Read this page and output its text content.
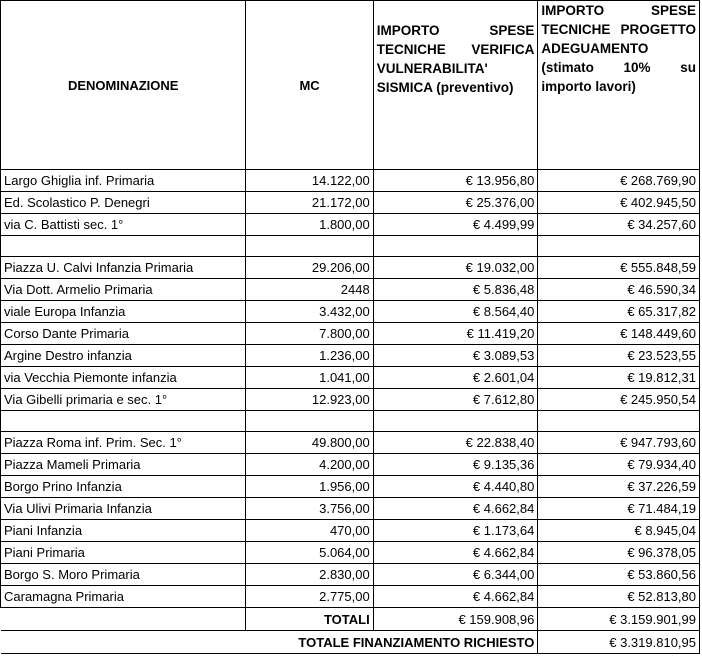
DENOMINAZIONE	MC	IMPORTO SPESE TECNICHE VERIFICA VULNERABILITA' SISMICA (preventivo)	IMPORTO SPESE TECNICHE PROGETTO ADEGUAMENTO (stimato 10% su importo lavori)
Largo Ghiglia inf. Primaria	14.122,00	€ 13.956,80	€ 268.769,90
Ed. Scolastico P. Denegri	21.172,00	€ 25.376,00	€ 402.945,50
via C. Battisti sec. 1°	1.800,00	€ 4.499,99	€ 34.257,60

Piazza U. Calvi Infanzia Primaria	29.206,00	€ 19.032,00	€ 555.848,59
Via Dott. Armelio Primaria	2448	€ 5.836,48	€ 46.590,34
viale Europa Infanzia	3.432,00	€ 8.564,40	€ 65.317,82
Corso Dante Primaria	7.800,00	€ 11.419,20	€ 148.449,60
Argine Destro infanzia	1.236,00	€ 3.089,53	€ 23.523,55
via Vecchia Piemonte infanzia	1.041,00	€ 2.601,04	€ 19.812,31
Via Gibelli primaria e sec. 1°	12.923,00	€ 7.612,80	€ 245.950,54

Piazza Roma inf. Prim. Sec. 1°	49.800,00	€ 22.838,40	€ 947.793,60
Piazza Mameli Primaria	4.200,00	€ 9.135,36	€ 79.934,40
Borgo Prino Infanzia	1.956,00	€ 4.440,80	€ 37.226,59
Via Ulivi Primaria Infanzia	3.756,00	€ 4.662,84	€ 71.484,19
Piani Infanzia	470,00	€ 1.173,64	€ 8.945,04
Piani Primaria	5.064,00	€ 4.662,84	€ 96.378,05
Borgo S. Moro Primaria	2.830,00	€ 6.344,00	€ 53.860,56
Caramagna Primaria	2.775,00	€ 4.662,84	€ 52.813,80
	TOTALI	€ 159.908,96	€ 3.159.901,99
TOTALE FINANZIAMENTO RICHIESTO			€ 3.319.810,95
